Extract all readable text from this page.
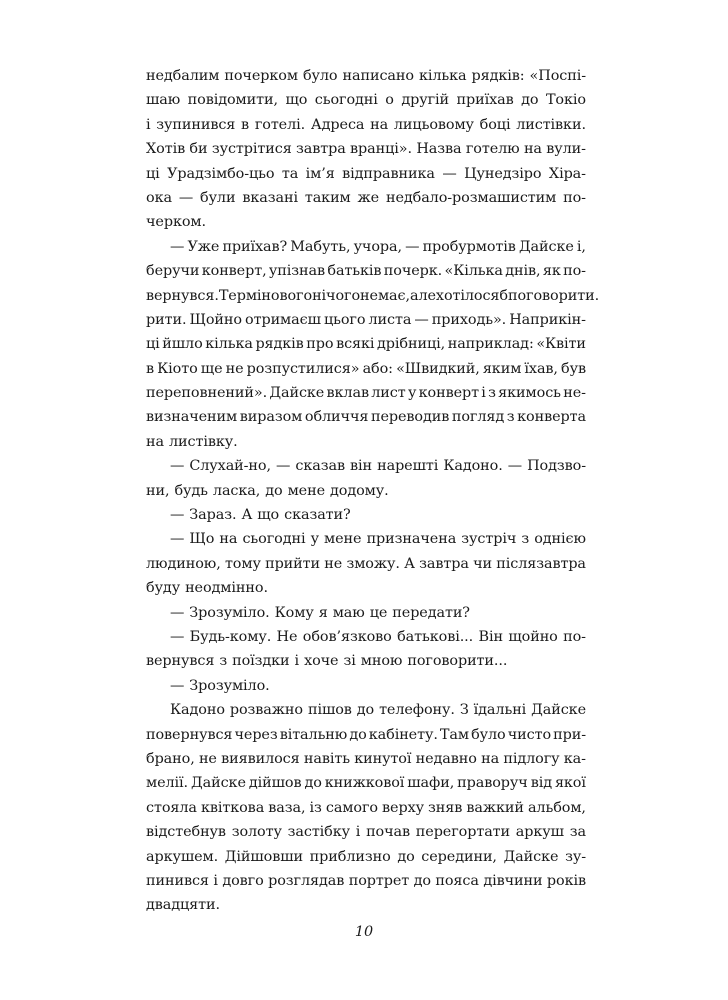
недбалим почерком було написано кілька рядків: «Поспі-
шаю повідомити, що сьогодні о другій приїхав до Токіо
і зупинився в готелі. Адреса на лицьовому боці листівки.
Хотів би зустрітися завтра вранці». Назва готелю на вули-
ці Урадзімбо-цьо та ім’я відправника — Цунедзіро Хіра-
ока — були вказані таким же недбало-розмашистим по-
черком.
— Уже приїхав? Мабуть, учора, — пробурмотів Дайске і,
беручи конверт, упізнав батьків почерк. «Кілька днів, як по-
вернувся. Термінового нічого немає, але хотілося б поговорити.
рити. Щойно отримаєш цього листа — приходь». Наприкін-
ці йшло кілька рядків про всякі дрібниці, наприклад: «Квіти
в Кіото ще не розпустилися» або: «Швидкий, яким їхав, був
переповнений». Дайске вклав лист у конверт і з якимось не-
визначеним виразом обличчя переводив погляд з конверта
на листівку.
— Слухай-но, — сказав він нарешті Кадоно. — Подзво-
ни, будь ласка, до мене додому.
— Зараз. А що сказати?
— Що на сьогодні у мене призначена зустріч з однією
людиною, тому прийти не зможу. А завтра чи післязавтра
буду неодмінно.
— Зрозуміло. Кому я маю це передати?
— Будь-кому. Не обов’язково батькові... Він щойно по-
вернувся з поїздки і хоче зі мною поговорити...
— Зрозуміло.
Кадоно розважно пішов до телефону. З їдальні Дайске
повернувся через вітальню до кабінету. Там було чисто при-
брано, не виявилося навіть кинутої недавно на підлогу ка-
мелії. Дайске дійшов до книжкової шафи, праворуч від якої
стояла квіткова ваза, із самого верху зняв важкий альбом,
відстебнув золоту застібку і почав перегортати аркуш за
аркушем. Дійшовши приблизно до середини, Дайске зу-
пинився і довго розглядав портрет до пояса дівчини років
двадцяти.
10
